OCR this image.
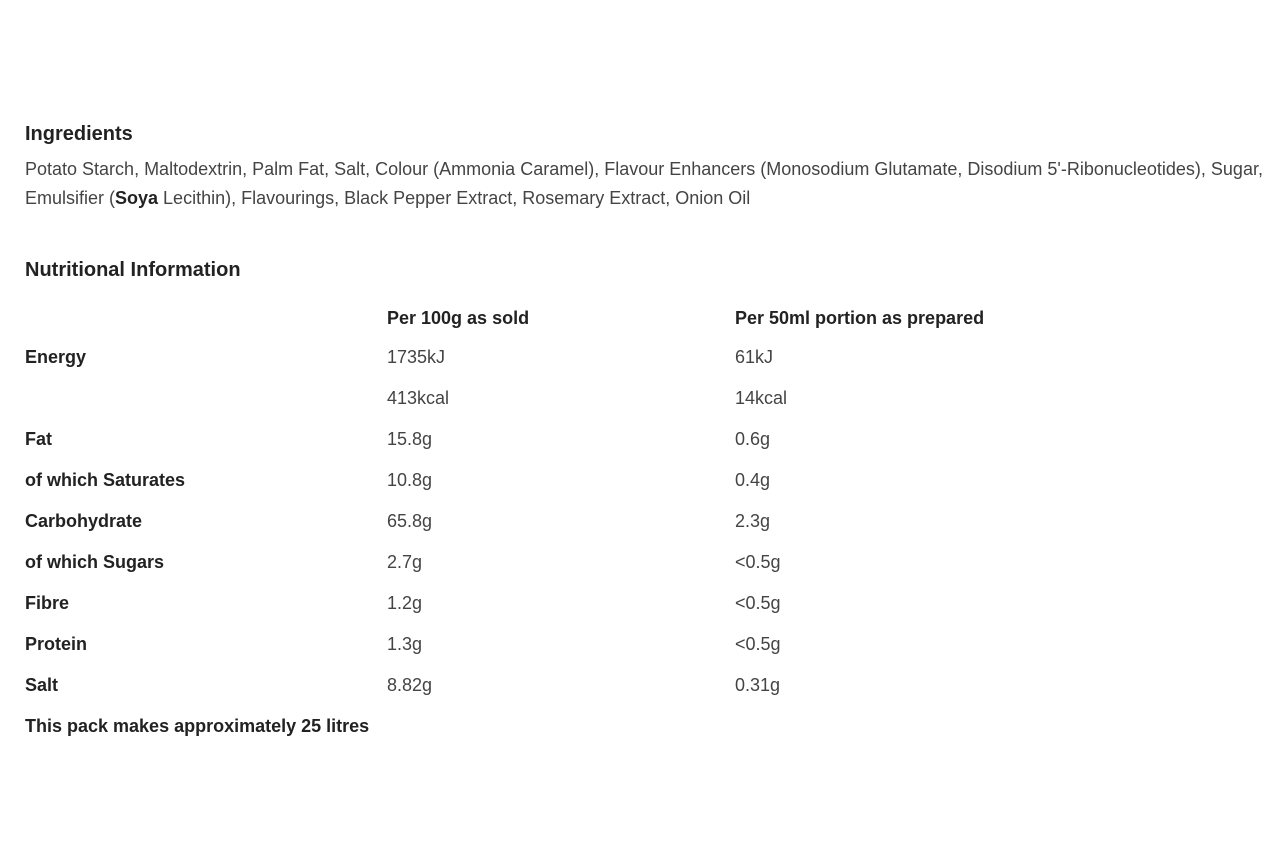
Ingredients
Potato Starch, Maltodextrin, Palm Fat, Salt, Colour (Ammonia Caramel), Flavour Enhancers (Monosodium Glutamate, Disodium 5'-Ribonucleotides), Sugar, Emulsifier (Soya Lecithin), Flavourings, Black Pepper Extract, Rosemary Extract, Onion Oil
Nutritional Information
	Per 100g as sold	Per 50ml portion as prepared
Energy	1735kJ	61kJ
	413kcal	14kcal
Fat	15.8g	0.6g
of which Saturates	10.8g	0.4g
Carbohydrate	65.8g	2.3g
of which Sugars	2.7g	<0.5g
Fibre	1.2g	<0.5g
Protein	1.3g	<0.5g
Salt	8.82g	0.31g
This pack makes approximately 25 litres
